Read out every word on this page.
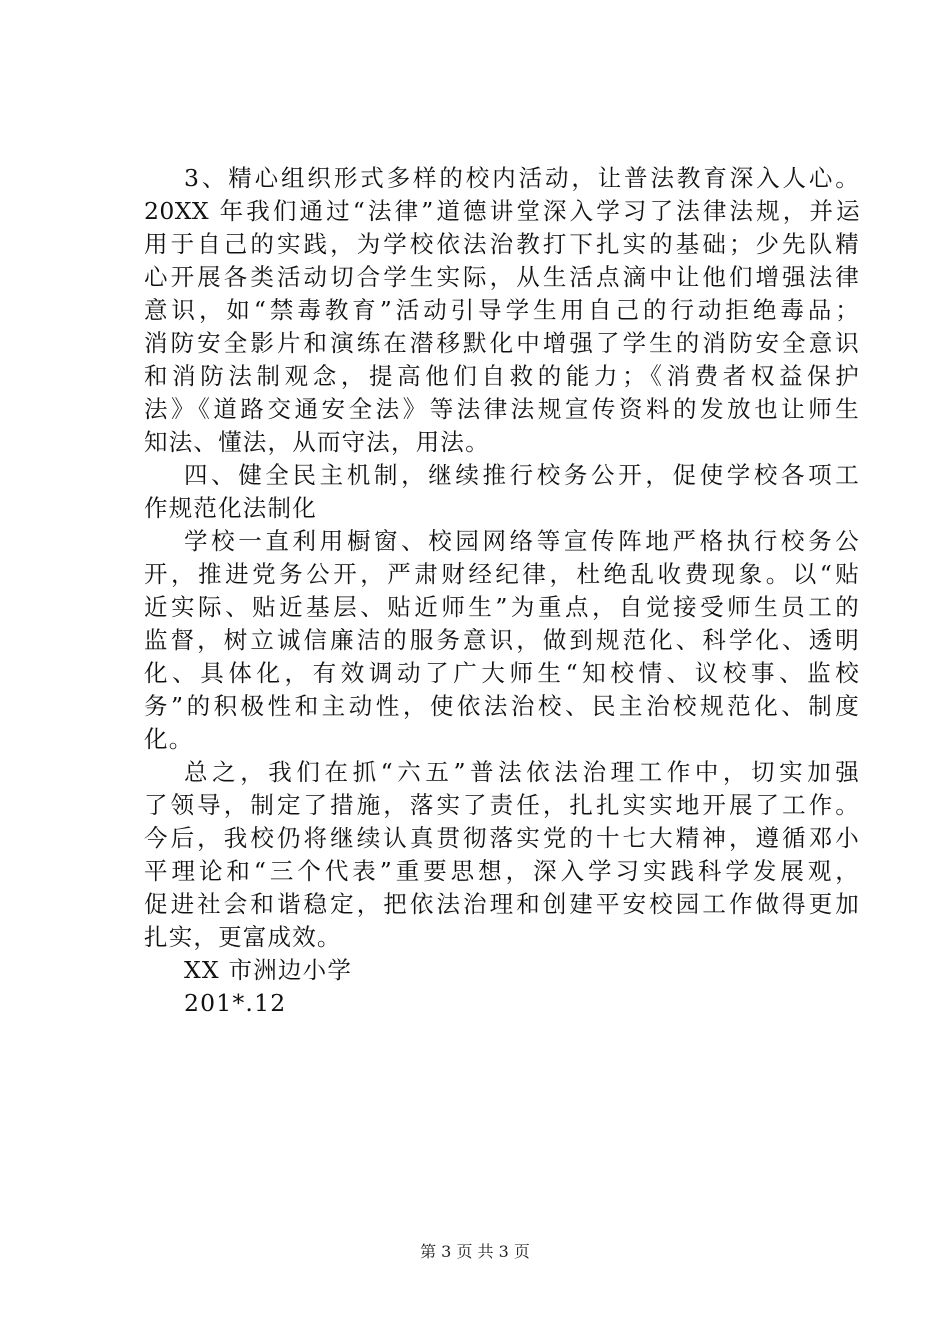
3、精心组织形式多样的校内活动，让普法教育深入人心。
20XX 年我们通过“法律”道德讲堂深入学习了法律法规，并运
用于自己的实践，为学校依法治教打下扎实的基础；少先队精
心开展各类活动切合学生实际，从生活点滴中让他们增强法律
意识，如“禁毒教育”活动引导学生用自己的行动拒绝毒品；
消防安全影片和演练在潜移默化中增强了学生的消防安全意识
和消防法制观念，提高他们自救的能力；《消费者权益保护
法》《道路交通安全法》等法律法规宣传资料的发放也让师生
知法、懂法，从而守法，用法。
四、健全民主机制，继续推行校务公开，促使学校各项工
作规范化法制化
学校一直利用橱窗、校园网络等宣传阵地严格执行校务公
开，推进党务公开，严肃财经纪律，杜绝乱收费现象。以“贴
近实际、贴近基层、贴近师生”为重点，自觉接受师生员工的
监督，树立诚信廉洁的服务意识，做到规范化、科学化、透明
化、具体化，有效调动了广大师生“知校情、议校事、监校
务”的积极性和主动性，使依法治校、民主治校规范化、制度
化。
总之，我们在抓“六五”普法依法治理工作中，切实加强
了领导，制定了措施，落实了责任，扎扎实实地开展了工作。
今后，我校仍将继续认真贯彻落实党的十七大精神，遵循邓小
平理论和“三个代表”重要思想，深入学习实践科学发展观，
促进社会和谐稳定，把依法治理和创建平安校园工作做得更加
扎实，更富成效。
XX 市洲边小学
201*.12
第 3 页 共 3 页
